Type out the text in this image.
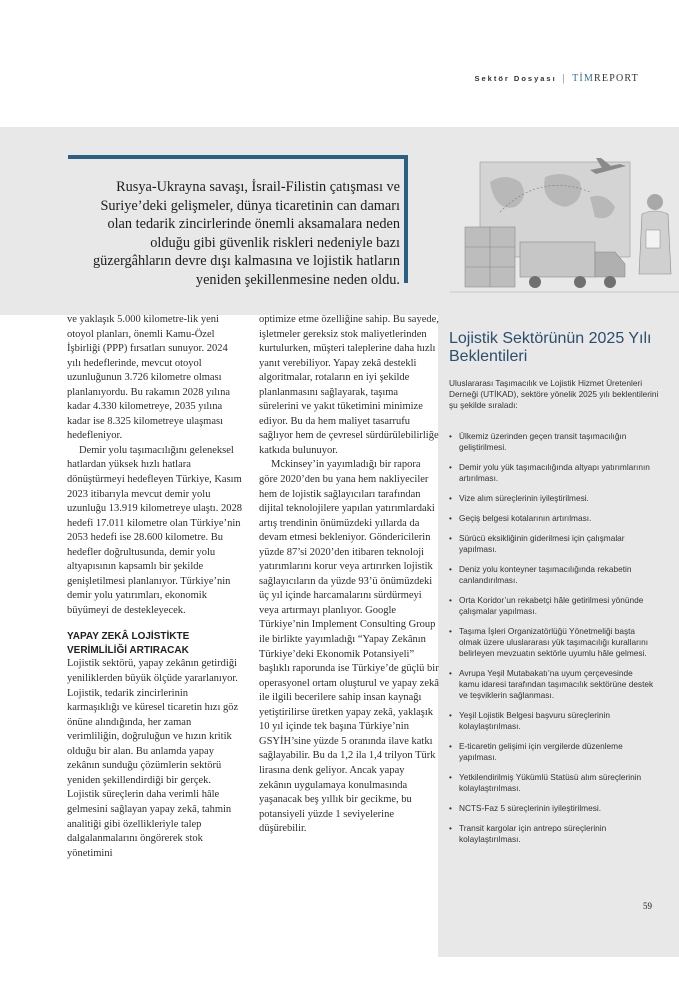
Sektör Dosyası | TİMREPORT

Rusya-Ukrayna savaşı, İsrail-Filistin çatışması ve Suriye’deki gelişmeler, dünya ticaretinin can damarı olan tedarik zincirlerinde önemli aksamalara neden olduğu gibi güvenlik riskleri nedeniyle bazı güzergâhların devre dışı kalmasına ve lojistik hatların yeniden şekillenmesine neden oldu.

Lojistik Sektörünün 2025 Yılı Beklentileri

Uluslararası Taşımacılık ve Lojistik Hizmet Üretenleri Derneği (UTİKAD), sektöre yönelik 2025 yılı beklentilerini şu şekilde sıraladı:

• Ülkemiz üzerinden geçen transit taşımacılığın geliştirilmesi.
• Demir yolu yük taşımacılığında altyapı yatırımlarının artırılması.
• Vize alım süreçlerinin iyileştirilmesi.
• Geçiş belgesi kotalarının artırılması.
• Sürücü eksikliğinin giderilmesi için çalışmalar yapılması.
• Deniz yolu konteyner taşımacılığında rekabetin canlandırılması.
• Orta Koridor’un rekabetçi hâle getirilmesi yönünde çalışmalar yapılması.
• Taşıma İşleri Organizatörlüğü Yönetmeliği başta olmak üzere uluslararası yük taşımacılığı kurallarını belirleyen mevzuatın sektörle uyumlu hâle gelmesi.
• Avrupa Yeşil Mutabakatı’na uyum çerçevesinde kamu idaresi tarafından taşımacılık sektörüne destek ve teşviklerin sağlanması.
• Yeşil Lojistik Belgesi başvuru süreçlerinin kolaylaştırılması.
• E-ticaretin gelişimi için vergilerde düzenleme yapılması.
• Yetkilendirilmiş Yükümlü Statüsü alım süreçlerinin kolaylaştırılması.
• NCTS-Faz 5 süreçlerinin iyileştirilmesi.
• Transit kargolar için antrepo süreçlerinin kolaylaştırılması.

ve yaklaşık 5.000 kilometre-lik yeni otoyol planları, önemli Kamu-Özel İşbirliği (PPP) fırsatları sunuyor. 2024 yılı hedeflerinde, mevcut otoyol uzunluğunun 3.726 kilometre olması planlanıyordu. Bu rakamın 2028 yılına kadar 4.330 kilometreye, 2035 yılına kadar ise 8.325 kilometreye ulaşması hedefleniyor.

Demir yolu taşımacılığını geleneksel hatlardan yüksek hızlı hatlara dönüştürmeyi hedefleyen Türkiye, Kasım 2023 itibarıyla mevcut demir yolu uzunluğu 13.919 kilometreye ulaştı. 2028 hedefi 17.011 kilometre olan Türkiye’nin 2053 hedefi ise 28.600 kilometre. Bu hedefler doğrultusunda, demir yolu altyapısının kapsamlı bir şekilde genişletilmesi planlanıyor. Türkiye’nin demir yolu yatırımları, ekonomik büyümeyi de destekleyecek.

YAPAY ZEKÂ LOJİSTİKTE VERİMLİLİĞİ ARTIRACAK

Lojistik sektörü, yapay zekânın getirdiği yeniliklerden büyük ölçüde yararlanıyor. Lojistik, tedarik zincirlerinin karmaşıklığı ve küresel ticaretin hızı göz önüne alındığında, her zaman verimliliğin, doğruluğun ve hızın kritik olduğu bir alan. Bu anlamda yapay zekânın sunduğu çözümlerin sektörü yeniden şekillendirdiği bir gerçek. Lojistik süreçlerin daha verimli hâle gelmesini sağlayan yapay zekâ, tahmin analitiği gibi özellikleriyle talep dalgalanmalarını öngörerek stok yönetimini

optimize etme özelliğine sahip. Bu sayede, işletmeler gereksiz stok maliyetlerinden kurtulurken, müşteri taleplerine daha hızlı yanıt verebiliyor. Yapay zekâ destekli algoritmalar, rotaların en iyi şekilde planlanmasını sağlayarak, taşıma sürelerini ve yakıt tüketimini minimize ediyor. Bu da hem maliyet tasarrufu sağlıyor hem de çevresel sürdürülebilirliğe katkıda bulunuyor.

Mckinsey’in yayımladığı bir rapora göre 2020’den bu yana hem nakliyeciler hem de lojistik sağlayıcıları tarafından dijital teknolojilere yapılan yatırımlardaki artış trendinin önümüzdeki yıllarda da devam etmesi bekleniyor. Göndericilerin yüzde 87’si 2020’den itibaren teknoloji yatırımlarını korur veya artırırken lojistik sağlayıcıların da yüzde 93’ü önümüzdeki üç yıl içinde harcamalarını sürdürmeyi veya artırmayı planlıyor. Google Türkiye’nin Implement Consulting Group ile birlikte yayımladığı “Yapay Zekânın Türkiye’deki Ekonomik Potansiyeli” başlıklı raporunda ise Türkiye’de güçlü bir operasyonel ortam oluşturul ve yapay zekâ ile ilgili becerilere sahip insan kaynağı yetiştirilirse üretken yapay zekâ, yaklaşık 10 yıl içinde tek başına Türkiye’nin GSYİH’sine yüzde 5 oranında ilave katkı sağlayabilir. Bu da 1,2 ila 1,4 trilyon Türk lirasına denk geliyor. Ancak yapay zekânın uygulamaya konulmasında yaşanacak beş yıllık bir gecikme, bu potansiyeli yüzde 1 seviyelerine düşürebilir.

59
